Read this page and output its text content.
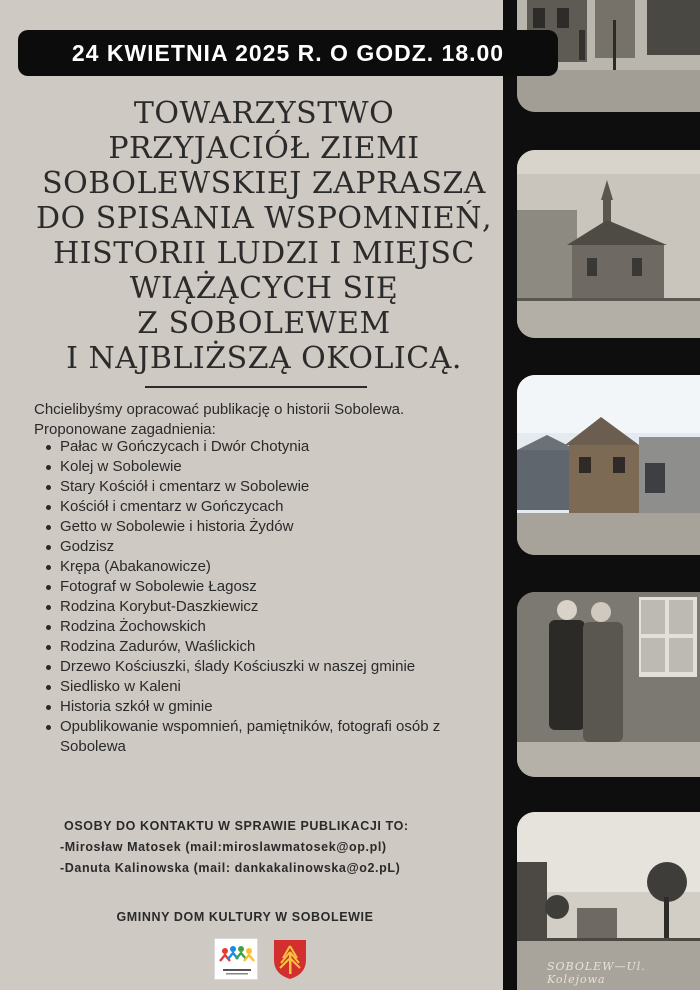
SOBOLEW—Ul. Kolejowa
24 KWIETNIA 2025 R. O GODZ. 18.00
TOWARZYSTWO
PRZYJACIÓŁ ZIEMI
SOBOLEWSKIEJ ZAPRASZA
DO SPISANIA WSPOMNIEŃ,
HISTORII LUDZI I MIEJSC
WIĄŻĄCYCH SIĘ
Z SOBOLEWEM
I NAJBLIŻSZĄ OKOLICĄ.

Chcielibyśmy opracować publikację o historii Sobolewa.

Proponowane zagadnienia:

Pałac w Gończycach i Dwór Chotynia
Kolej w Sobolewie
Stary Kościół i cmentarz w Sobolewie
Kościół i cmentarz w Gończycach
Getto w Sobolewie i historia Żydów
Godzisz
Krępa (Abakanowicze)
Fotograf w Sobolewie Łagosz
Rodzina Korybut-Daszkiewicz
Rodzina Żochowskich
Rodzina Zadurów, Waślickich
Drzewo Kościuszki, ślady Kościuszki w naszej gminie
Siedlisko w Kaleni
Historia szkół w gminie
Opublikowanie wspomnień, pamiętników, fotografi osób z Sobolewa
OSOBY DO KONTAKTU W SPRAWIE PUBLIKACJI TO:
-Mirosław Matosek (mail:miroslawmatosek@op.pl)
-Danuta Kalinowska (mail: dankakalinowska@o2.pL)
GMINNY DOM KULTURY W SOBOLEWIE
